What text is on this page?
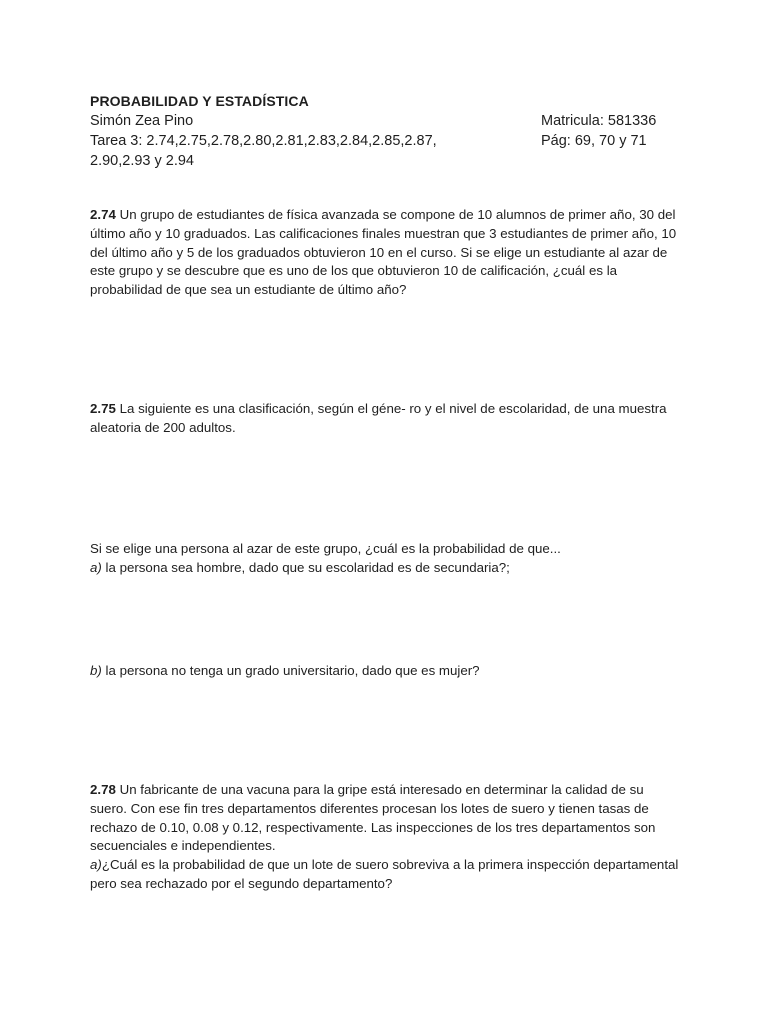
PROBABILIDAD Y ESTADÍSTICA
Simón Zea Pino	Matricula: 581336
Tarea 3: 2.74,2.75,2.78,2.80,2.81,2.83,2.84,2.85,2.87,
2.90,2.93 y 2.94
Pág: 69, 70 y 71
2.74 Un grupo de estudiantes de física avanzada se compone de 10 alumnos de primer año, 30 del último año y 10 graduados. Las calificaciones finales muestran que 3 estudiantes de primer año, 10 del último año y 5 de los graduados obtuvieron 10 en el curso. Si se elige un estudiante al azar de este grupo y se descubre que es uno de los que obtuvieron 10 de calificación, ¿cuál es la probabilidad de que sea un estudiante de último año?
2.75 La siguiente es una clasificación, según el géne- ro y el nivel de escolaridad, de una muestra aleatoria de 200 adultos.
Si se elige una persona al azar de este grupo, ¿cuál es la probabilidad de que...
a) la persona sea hombre, dado que su escolaridad es de secundaria?;
b) la persona no tenga un grado universitario, dado que es mujer?
2.78 Un fabricante de una vacuna para la gripe está interesado en determinar la calidad de su suero. Con ese fin tres departamentos diferentes procesan los lotes de suero y tienen tasas de rechazo de 0.10, 0.08 y 0.12, respectivamente. Las inspecciones de los tres departamentos son secuenciales e independientes.
a)¿Cuál es la probabilidad de que un lote de suero sobreviva a la primera inspección departamental pero sea rechazado por el segundo departamento?
